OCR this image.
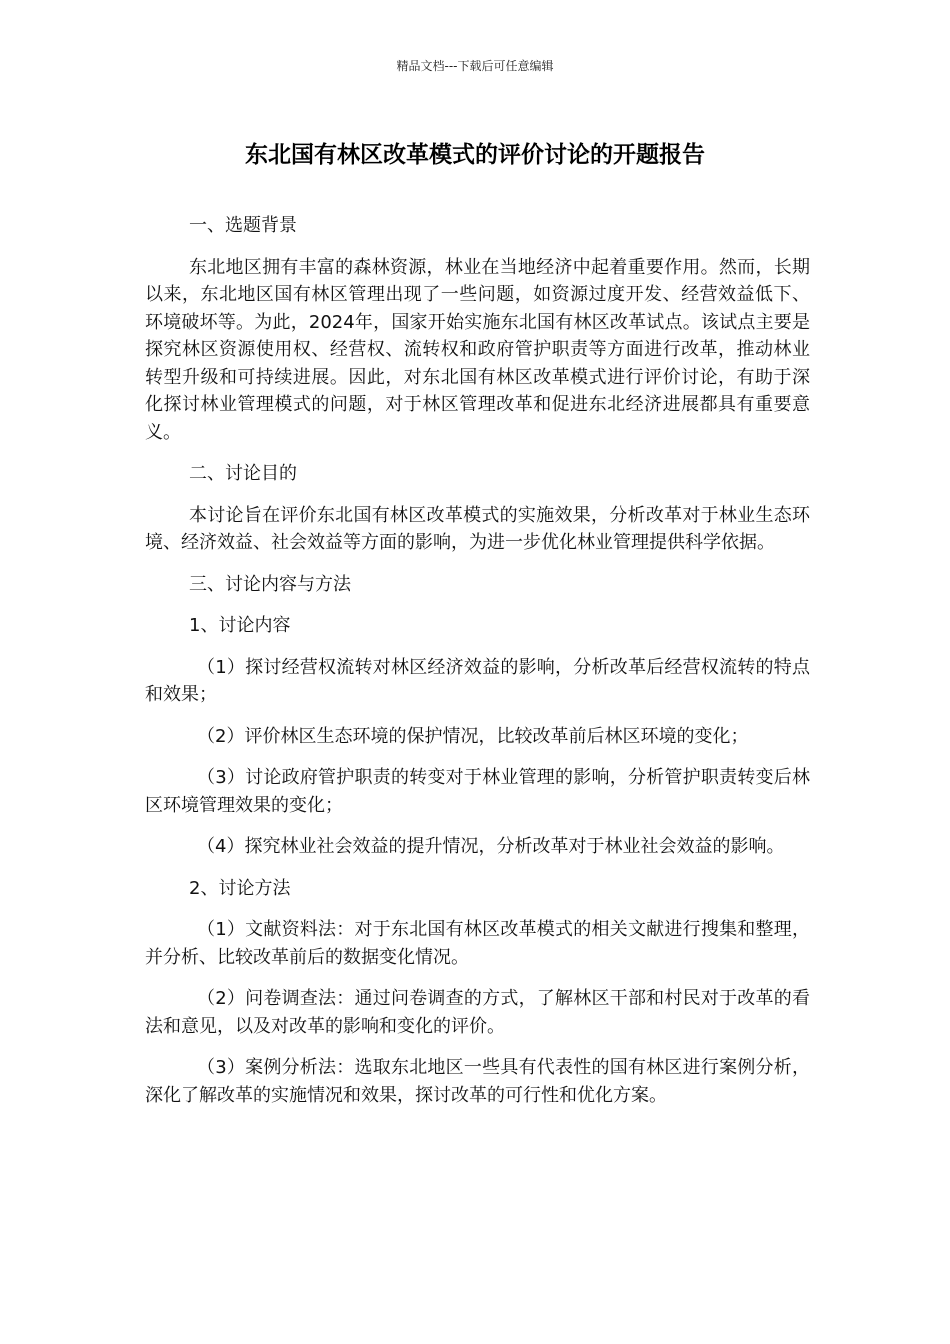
精品文档---下载后可任意编辑
东北国有林区改革模式的评价讨论的开题报告

一、选题背景

东北地区拥有丰富的森林资源，林业在当地经济中起着重要作用。然而，长期以来，东北地区国有林区管理出现了一些问题，如资源过度开发、经营效益低下、环境破坏等。为此，2024年，国家开始实施东北国有林区改革试点。该试点主要是探究林区资源使用权、经营权、流转权和政府管护职责等方面进行改革，推动林业转型升级和可持续进展。因此，对东北国有林区改革模式进行评价讨论，有助于深化探讨林业管理模式的问题，对于林区管理改革和促进东北经济进展都具有重要意义。

二、讨论目的

本讨论旨在评价东北国有林区改革模式的实施效果，分析改革对于林业生态环境、经济效益、社会效益等方面的影响，为进一步优化林业管理提供科学依据。

三、讨论内容与方法

1、讨论内容

（1）探讨经营权流转对林区经济效益的影响，分析改革后经营权流转的特点和效果；

（2）评价林区生态环境的保护情况，比较改革前后林区环境的变化；

（3）讨论政府管护职责的转变对于林业管理的影响，分析管护职责转变后林区环境管理效果的变化；

（4）探究林业社会效益的提升情况，分析改革对于林业社会效益的影响。

2、讨论方法

（1）文献资料法：对于东北国有林区改革模式的相关文献进行搜集和整理，并分析、比较改革前后的数据变化情况。

（2）问卷调查法：通过问卷调查的方式，了解林区干部和村民对于改革的看法和意见，以及对改革的影响和变化的评价。

（3）案例分析法：选取东北地区一些具有代表性的国有林区进行案例分析，深化了解改革的实施情况和效果，探讨改革的可行性和优化方案。
